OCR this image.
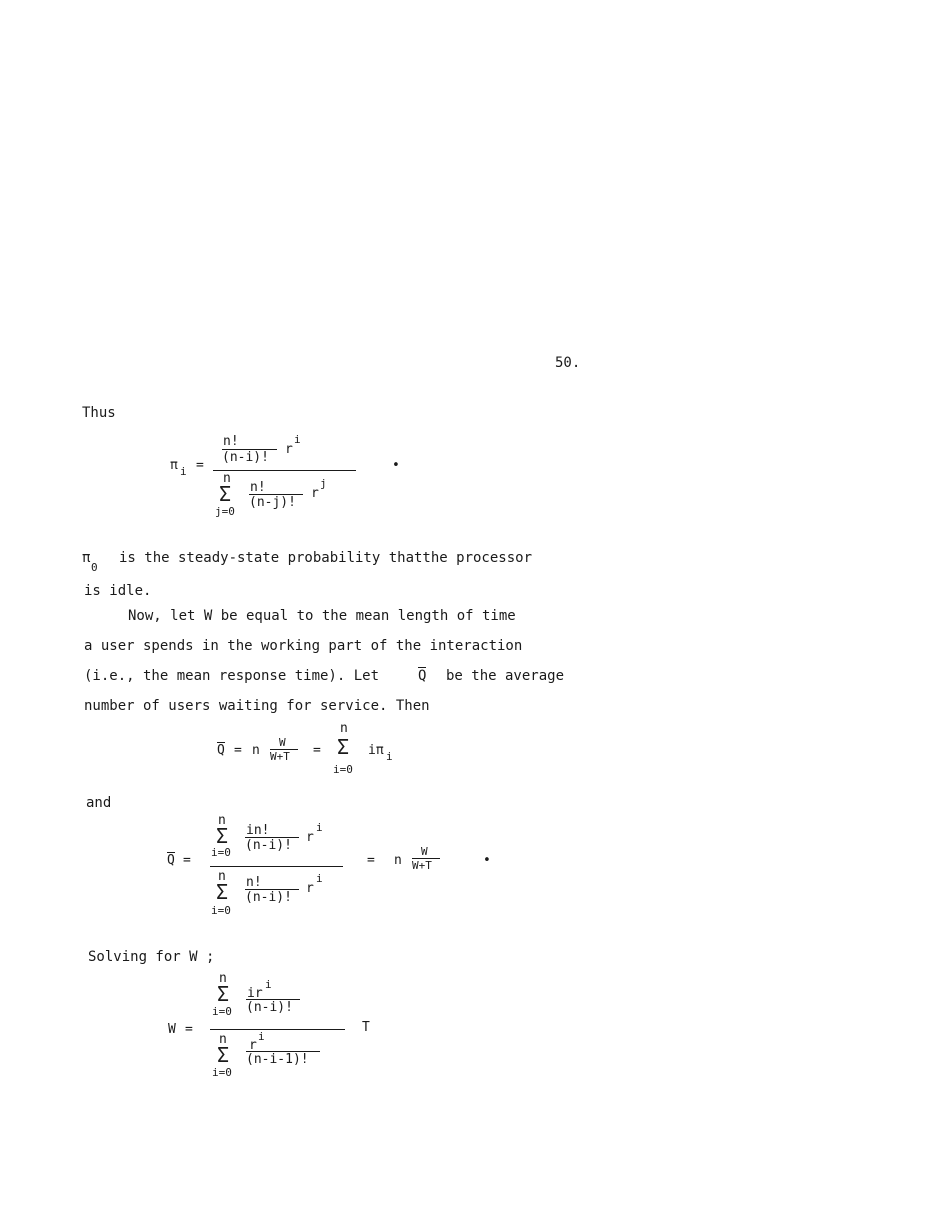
50.
Thus
π i =
n!
(n-i)!
r
i
n
Σ
j=0
n!
(n-j)!
r
j
•
π
0
is the steady-state probability thatthe processor
is idle.
Now, let W be equal to the mean length of time
a user spends in the working part of the interaction
(i.e., the mean response time). Let	Q be the average
number of users waiting for service. Then
Q = n
W
W+T =
n
Σ
i=0
iπ i
and
Q =
n
Σ
i=0
in!
(n-i)!
r
i
n
Σ
i=0
n!
(n-i)!
r
i
= n
W
W+T	•
Solving for W ;
W =
n
Σ
i=0
ir
i
(n-i)!
n
Σ
i=0
r
i
(n-i-1)!
T
